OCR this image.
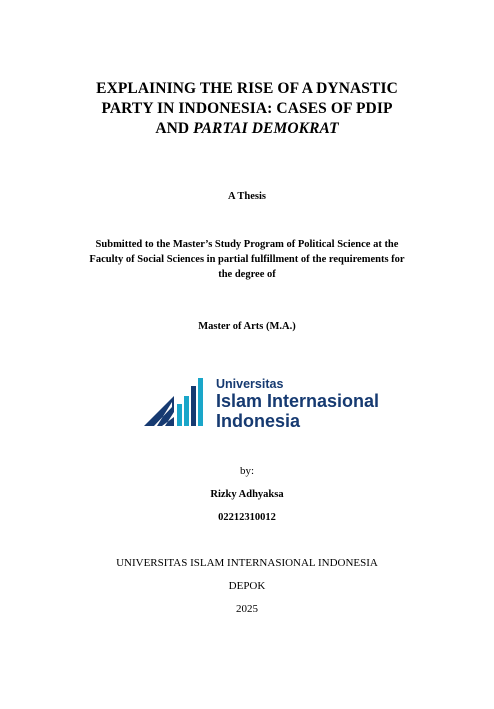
EXPLAINING THE RISE OF A DYNASTIC
PARTY IN INDONESIA: CASES OF PDIP
AND PARTAI DEMOKRAT
A Thesis
Submitted to the Master’s Study Program of Political Science at the
Faculty of Social Sciences in partial fulfillment of the requirements for
the degree of
Master of Arts (M.A.)
Universitas
Islam Internasional
Indonesia
by:
Rizky Adhyaksa
02212310012
UNIVERSITAS ISLAM INTERNASIONAL INDONESIA
DEPOK
2025
